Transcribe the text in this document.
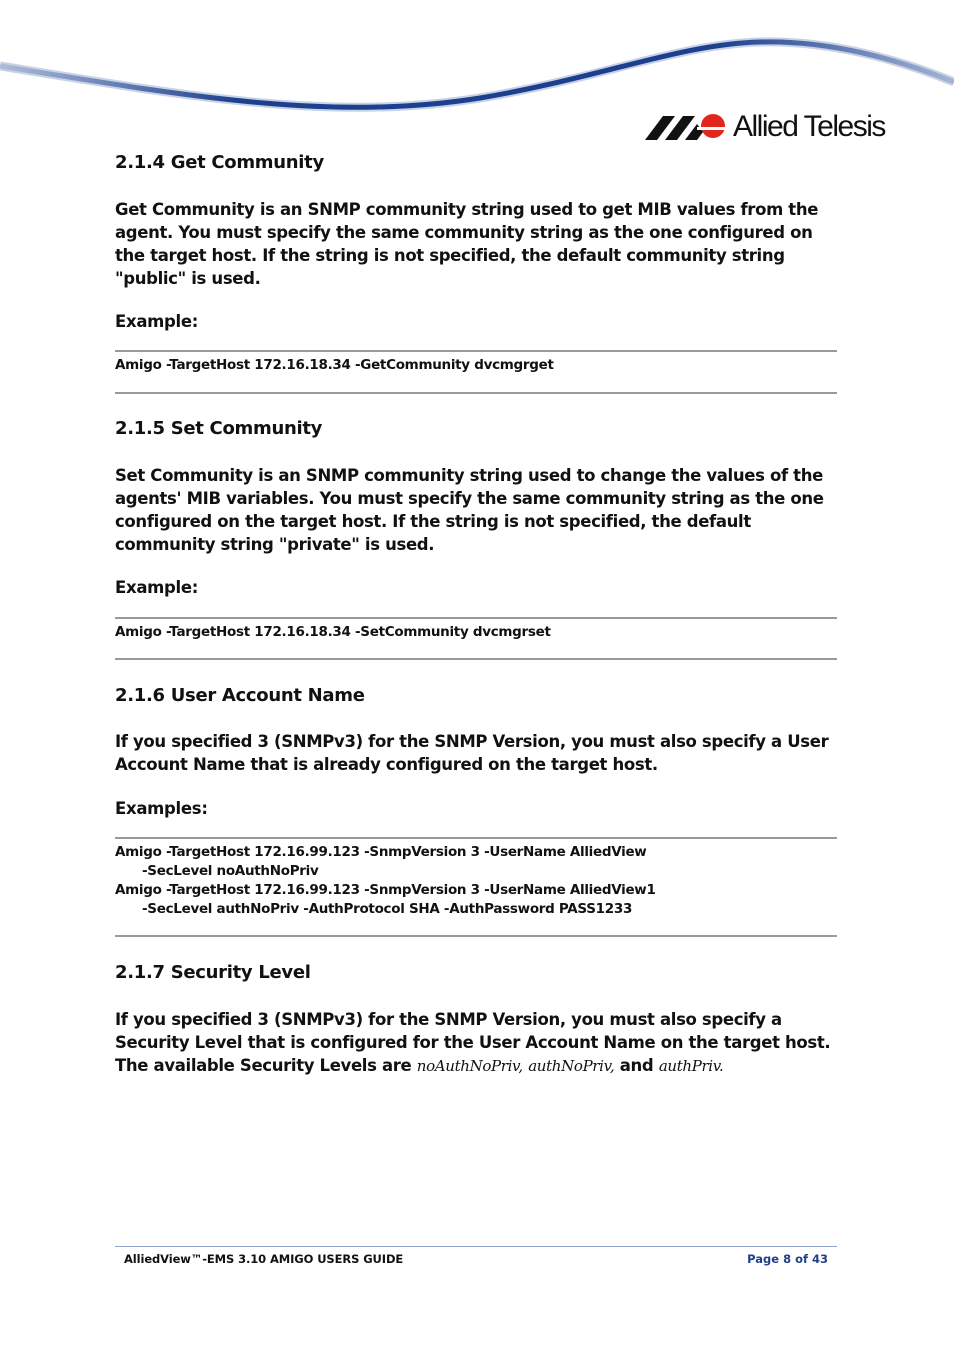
Allied Telesis
2.1.4 Get Community

Get Community is an SNMP community string used to get MIB values from the agent. You must specify the same community string as the one configured on the target host. If the string is not specified, the default community string "public" is used.

Example:

Amigo -TargetHost 172.16.18.34 -GetCommunity dvcmgrget
2.1.5 Set Community

Set Community is an SNMP community string used to change the values of the agents' MIB variables. You must specify the same community string as the one configured on the target host. If the string is not specified, the default community string "private" is used.

Example:

Amigo -TargetHost 172.16.18.34 -SetCommunity dvcmgrset
2.1.6 User Account Name

If you specified 3 (SNMPv3) for the SNMP Version, you must also specify a User Account Name that is already configured on the target host.

Examples:

Amigo -TargetHost 172.16.99.123 -SnmpVersion 3 -UserName AlliedView
-SecLevel noAuthNoPriv
Amigo -TargetHost 172.16.99.123 -SnmpVersion 3 -UserName AlliedView1
-SecLevel authNoPriv -AuthProtocol SHA -AuthPassword PASS1233
2.1.7 Security Level

If you specified 3 (SNMPv3) for the SNMP Version, you must also specify a Security Level that is configured for the User Account Name on the target host. The available Security Levels are noAuthNoPriv, authNoPriv, and authPriv.

AlliedView™-EMS 3.10 AMIGO USERS GUIDE	Page 8 of 43
